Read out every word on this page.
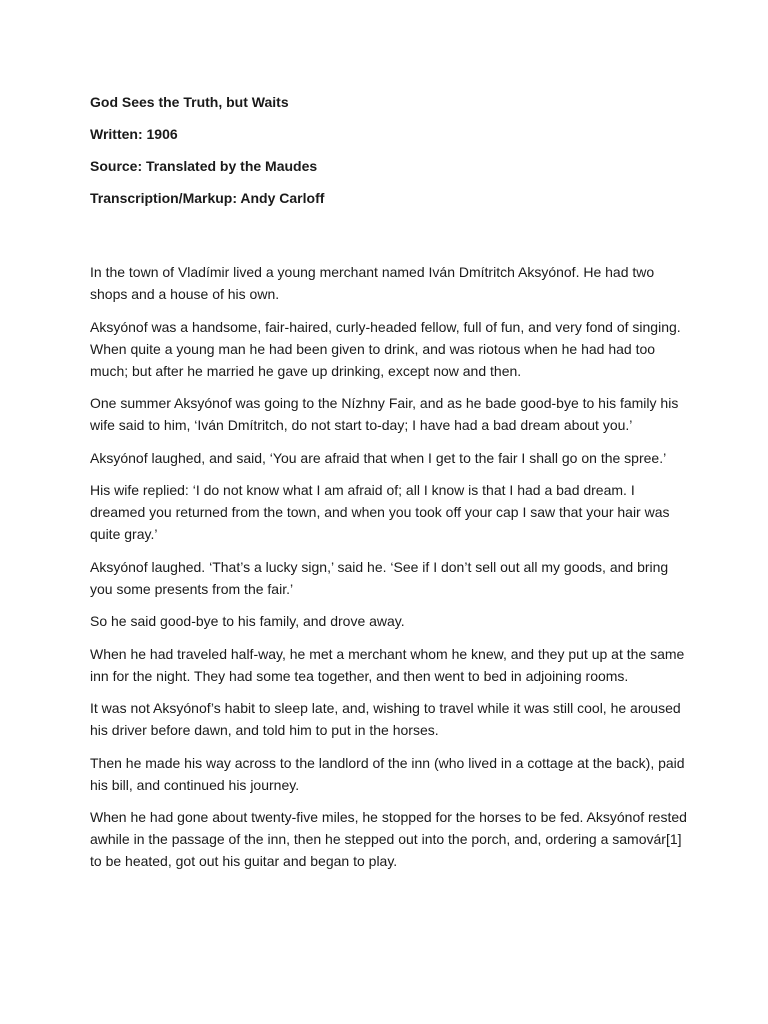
God Sees the Truth, but Waits
Written: 1906
Source: Translated by the Maudes
Transcription/Markup: Andy Carloff

In the town of Vladímir lived a young merchant named Iván Dmítritch Aksyónof. He had two shops and a house of his own.

Aksyónof was a handsome, fair-haired, curly-headed fellow, full of fun, and very fond of singing. When quite a young man he had been given to drink, and was riotous when he had had too much; but after he married he gave up drinking, except now and then.

One summer Aksyónof was going to the Nízhny Fair, and as he bade good-bye to his family his wife said to him, ‘Iván Dmítritch, do not start to-day; I have had a bad dream about you.’

Aksyónof laughed, and said, ‘You are afraid that when I get to the fair I shall go on the spree.’

His wife replied: ‘I do not know what I am afraid of; all I know is that I had a bad dream. I dreamed you returned from the town, and when you took off your cap I saw that your hair was quite gray.’

Aksyónof laughed. ‘That’s a lucky sign,’ said he. ‘See if I don’t sell out all my goods, and bring you some presents from the fair.’

So he said good-bye to his family, and drove away.

When he had traveled half-way, he met a merchant whom he knew, and they put up at the same inn for the night. They had some tea together, and then went to bed in adjoining rooms.

It was not Aksyónof’s habit to sleep late, and, wishing to travel while it was still cool, he aroused his driver before dawn, and told him to put in the horses.

Then he made his way across to the landlord of the inn (who lived in a cottage at the back), paid his bill, and continued his journey.

When he had gone about twenty-five miles, he stopped for the horses to be fed. Aksyónof rested awhile in the passage of the inn, then he stepped out into the porch, and, ordering a samovár[1] to be heated, got out his guitar and began to play.
